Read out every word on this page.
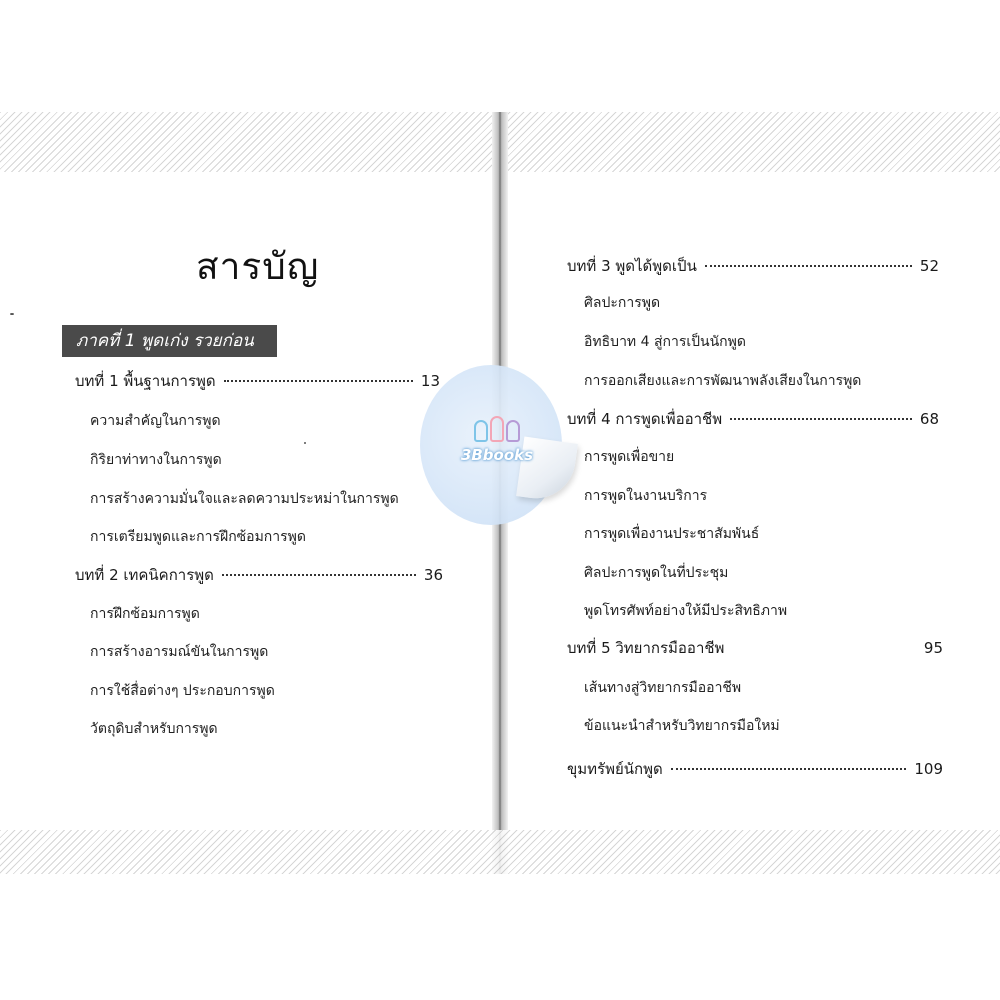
สารบัญ
ภาคที่ 1 พูดเก่ง รวยก่อน
บทที่ 1 พื้นฐานการพูด	13
ความสำคัญในการพูด
กิริยาท่าทางในการพูด
การสร้างความมั่นใจและลดความประหม่าในการพูด
การเตรียมพูดและการฝึกซ้อมการพูด
บทที่ 2 เทคนิคการพูด	36
การฝึกซ้อมการพูด
การสร้างอารมณ์ขันในการพูด
การใช้สื่อต่างๆ ประกอบการพูด
วัตถุดิบสำหรับการพูด
บทที่ 3 พูดได้พูดเป็น	52
ศิลปะการพูด
อิทธิบาท 4 สู่การเป็นนักพูด
การออกเสียงและการพัฒนาพลังเสียงในการพูด
บทที่ 4 การพูดเพื่ออาชีพ	68
การพูดเพื่อขาย
การพูดในงานบริการ
การพูดเพื่องานประชาสัมพันธ์
ศิลปะการพูดในที่ประชุม
พูดโทรศัพท์อย่างให้มีประสิทธิภาพ
บทที่ 5 วิทยากรมืออาชีพ	95
เส้นทางสู่วิทยากรมืออาชีพ
ข้อแนะนำสำหรับวิทยากรมือใหม่
ขุมทรัพย์นักพูด	109
3Bbooks
